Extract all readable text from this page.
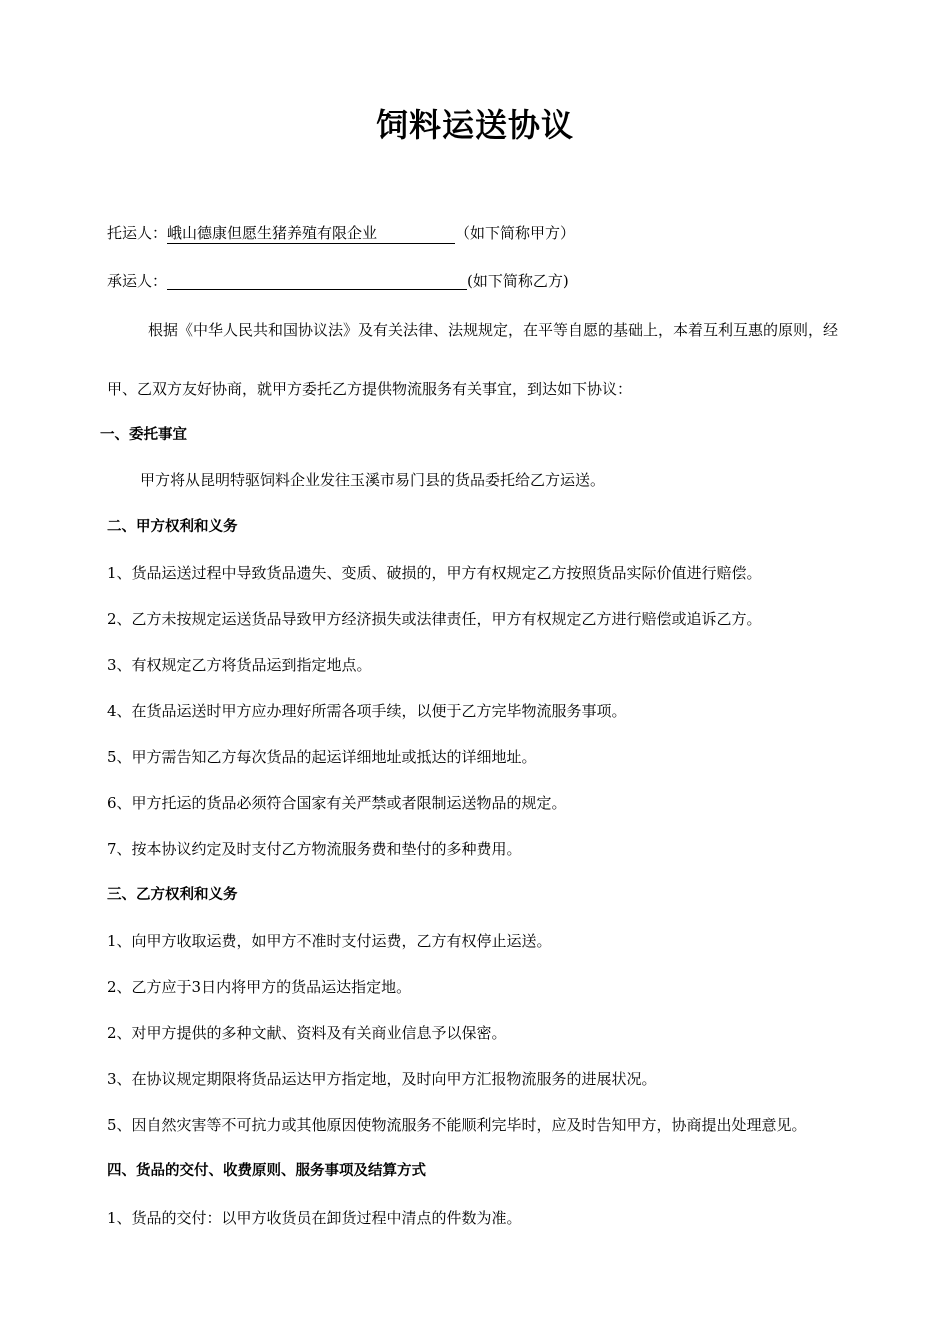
饲料运送协议
托运人：峨山德康但愿生猪养殖有限企业	（如下简称甲方）
承运人：	(如下简称乙方)
根据《中华人民共和国协议法》及有关法律、法规规定，在平等自愿的基础上，本着互利互惠的原则，经
甲、乙双方友好协商，就甲方委托乙方提供物流服务有关事宜，到达如下协议：
一、委托事宜
甲方将从昆明特驱饲料企业发往玉溪市易门县的货品委托给乙方运送。
二、甲方权利和义务
1、货品运送过程中导致货品遗失、变质、破损的，甲方有权规定乙方按照货品实际价值进行赔偿。
2、乙方未按规定运送货品导致甲方经济损失或法律责任，甲方有权规定乙方进行赔偿或追诉乙方。
3、有权规定乙方将货品运到指定地点。
4、在货品运送时甲方应办理好所需各项手续，以便于乙方完毕物流服务事项。
5、甲方需告知乙方每次货品的起运详细地址或抵达的详细地址。
6、甲方托运的货品必须符合国家有关严禁或者限制运送物品的规定。
7、按本协议约定及时支付乙方物流服务费和垫付的多种费用。
三、乙方权利和义务
1、向甲方收取运费，如甲方不准时支付运费，乙方有权停止运送。
2、乙方应于3日内将甲方的货品运达指定地。
2、对甲方提供的多种文献、资料及有关商业信息予以保密。
3、在协议规定期限将货品运达甲方指定地，及时向甲方汇报物流服务的进展状况。
5、因自然灾害等不可抗力或其他原因使物流服务不能顺利完毕时，应及时告知甲方，协商提出处理意见。
四、货品的交付、收费原则、服务事项及结算方式
1、货品的交付：以甲方收货员在卸货过程中清点的件数为准。
